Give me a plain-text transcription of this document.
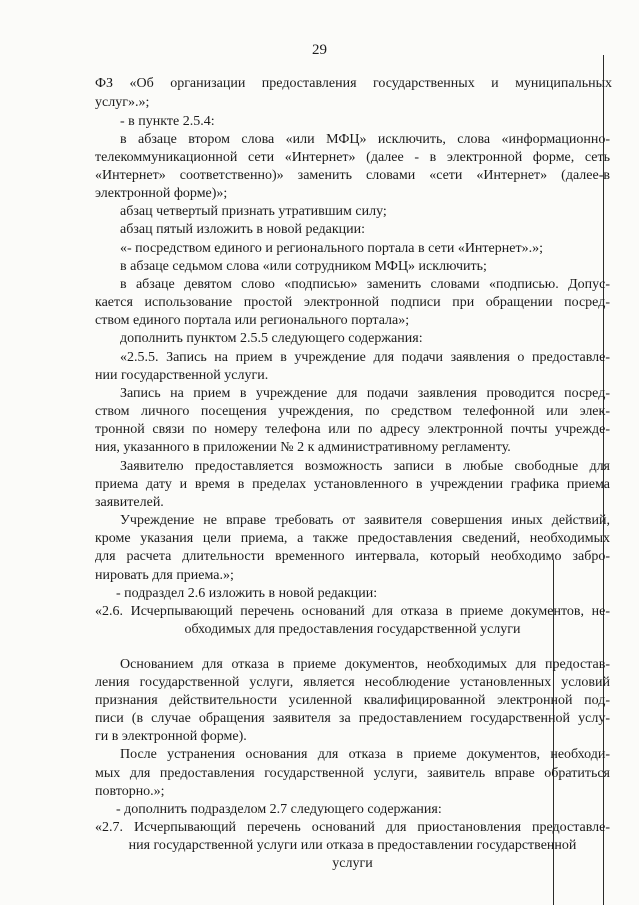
29
ФЗ «Об организации предоставления государственных и муниципальных
услуг».»;
- в пункте 2.5.4:
в абзаце втором слова «или МФЦ» исключить, слова «информационно-
телекоммуникационной сети «Интернет» (далее - в электронной форме, сеть
«Интернет» соответственно)» заменить словами «сети «Интернет» (далее-в
электронной форме)»;
абзац четвертый признать утратившим силу;
абзац пятый изложить в новой редакции:
«- посредством единого и регионального портала в сети «Интернет».»;
в абзаце седьмом слова «или сотрудником МФЦ» исключить;
в абзаце девятом слово «подписью» заменить словами «подписью. Допус-
кается использование простой электронной подписи при обращении посред-
ством единого портала или регионального портала»;
дополнить пунктом 2.5.5 следующего содержания:
«2.5.5. Запись на прием в учреждение для подачи заявления о предоставле-
нии государственной услуги.
Запись на прием в учреждение для подачи заявления проводится посред-
ством личного посещения учреждения, по средством телефонной или элек-
тронной связи по номеру телефона или по адресу электронной почты учрежде-
ния, указанного в приложении № 2 к административному регламенту.
Заявителю предоставляется возможность записи в любые свободные для
приема дату и время в пределах установленного в учреждении графика приема
заявителей.
Учреждение не вправе требовать от заявителя совершения иных действий,
кроме указания цели приема, а также предоставления сведений, необходимых
для расчета длительности временного интервала, который необходимо забро-
нировать для приема.»;
- подраздел 2.6 изложить в новой редакции:
«2.6. Исчерпывающий перечень оснований для отказа в приеме документов, не-
обходимых для предоставления государственной услуги
Основанием для отказа в приеме документов, необходимых для предостав-
ления государственной услуги, является несоблюдение установленных условий
признания действительности усиленной квалифицированной электронной под-
писи (в случае обращения заявителя за предоставлением государственной услу-
ги в электронной форме).
После устранения основания для отказа в приеме документов, необходи-
мых для предоставления государственной услуги, заявитель вправе обратиться
повторно.»;
- дополнить подразделом 2.7 следующего содержания:
«2.7. Исчерпывающий перечень оснований для приостановления предоставле-
ния государственной услуги или отказа в предоставлении государственной
услуги
